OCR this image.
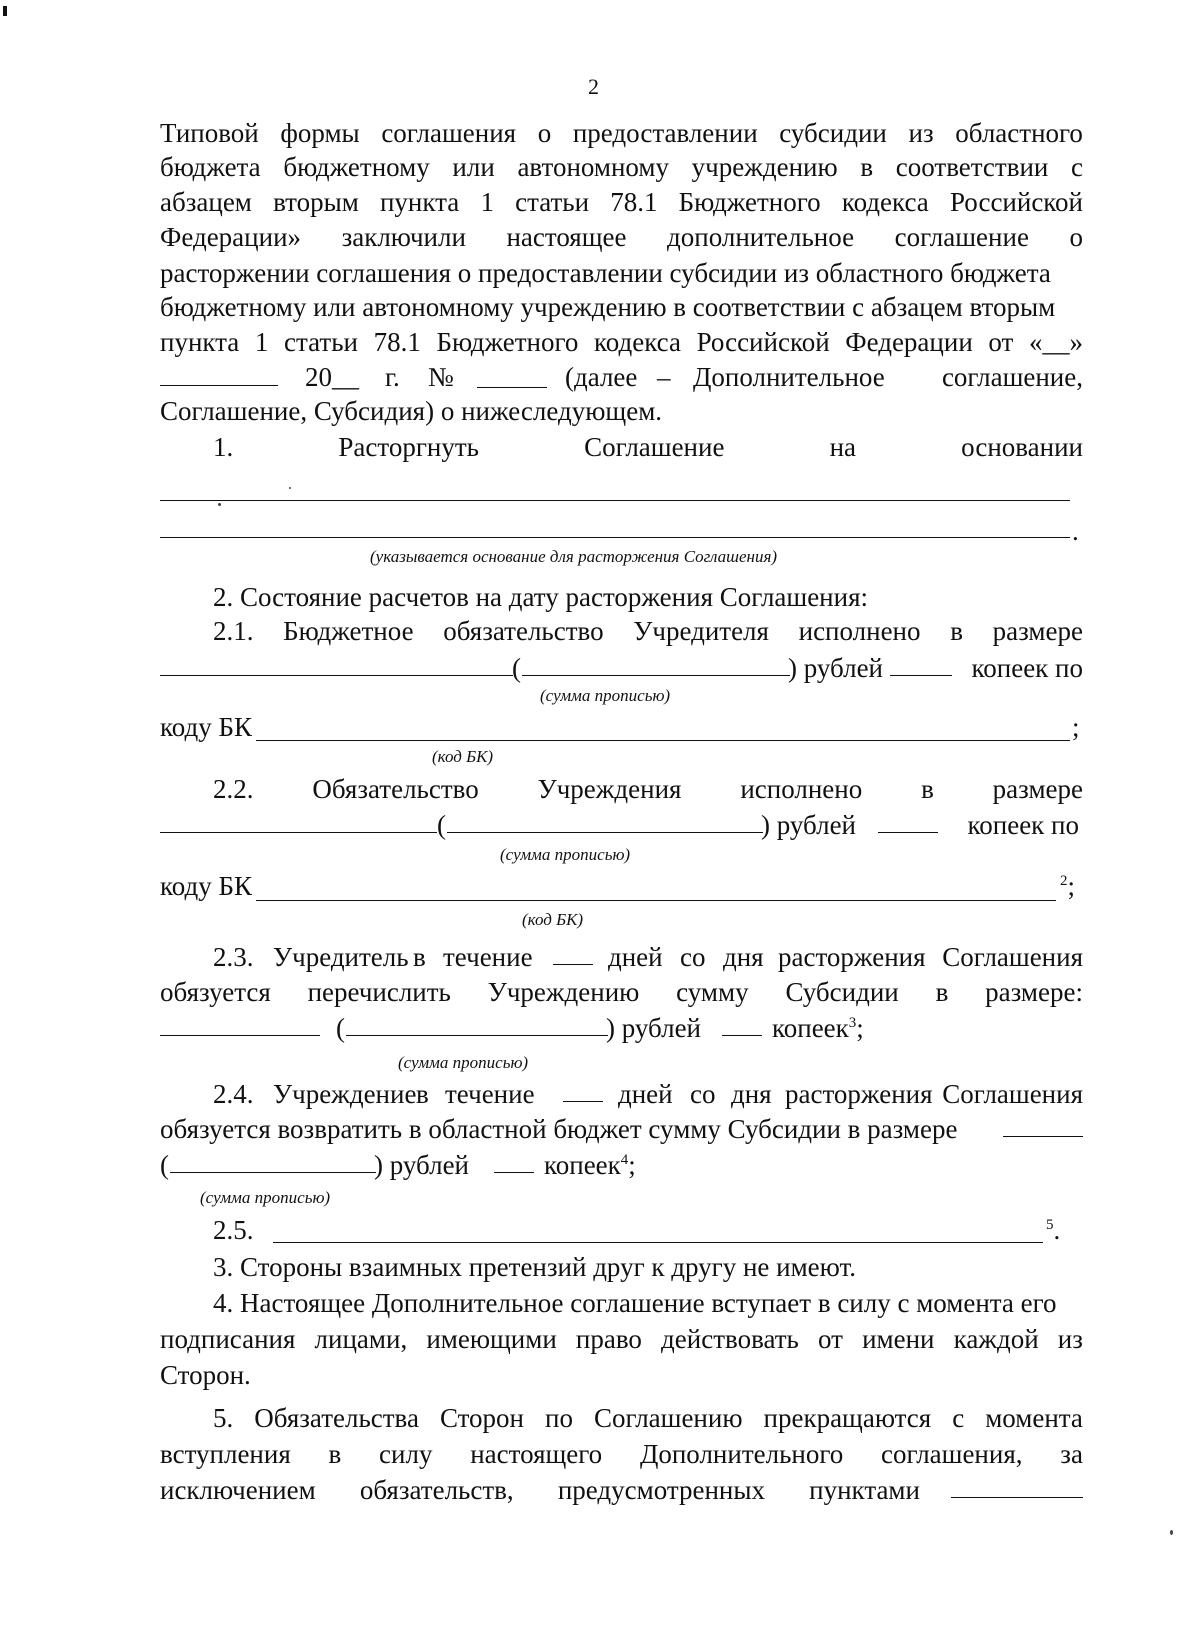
2
Типовой формы соглашения о предоставлении субсидии из областного
бюджета бюджетному или автономному учреждению в соответствии с
абзацем вторым пункта 1 статьи 78.1 Бюджетного кодекса Российской
Федерации» заключили настоящее дополнительное соглашение о
расторжении соглашения о предоставлении субсидии из областного бюджета
бюджетному или автономному учреждению в соответствии с абзацем вторым
пункта 1 статьи 78.1 Бюджетного кодекса Российской Федерации от «__»
20__ г. №	(далее – Дополнительное соглашение,
Соглашение, Субсидия) о нижеследующем.
1.	Расторгнуть	Соглашение	на	основании
.
(указывается основание для расторжения Соглашения)
2. Состояние расчетов на дату расторжения Соглашения:
2.1. Бюджетное обязательство Учредителя исполнено в размере
(	) рублей	копеек по
(сумма прописью)
коду БК	;
(код БК)
2.2. Обязательство Учреждения исполнено в размере
(	) рублей	копеек по
(сумма прописью)
коду БК	$^2$;
(код БК)
2.3. Учредитель в течение	дней со дня расторжения Соглашения
обязуется перечислить Учреждению сумму Субсидии в размере:
(	) рублей	копеек$^3$;
(сумма прописью)
2.4. Учреждение в течение	дней со дня расторжения Соглашения
обязуется возвратить в областной бюджет сумму Субсидии в размере
(	) рублей	копеек$^4$;
(сумма прописью)
2.5.	$^5$.
3. Стороны взаимных претензий друг к другу не имеют.
4. Настоящее Дополнительное соглашение вступает в силу с момента его
подписания лицами, имеющими право действовать от имени каждой из
Сторон.
5. Обязательства Сторон по Соглашению прекращаются с момента
вступления в силу настоящего Дополнительного соглашения, за
исключением обязательств, предусмотренных пунктами
